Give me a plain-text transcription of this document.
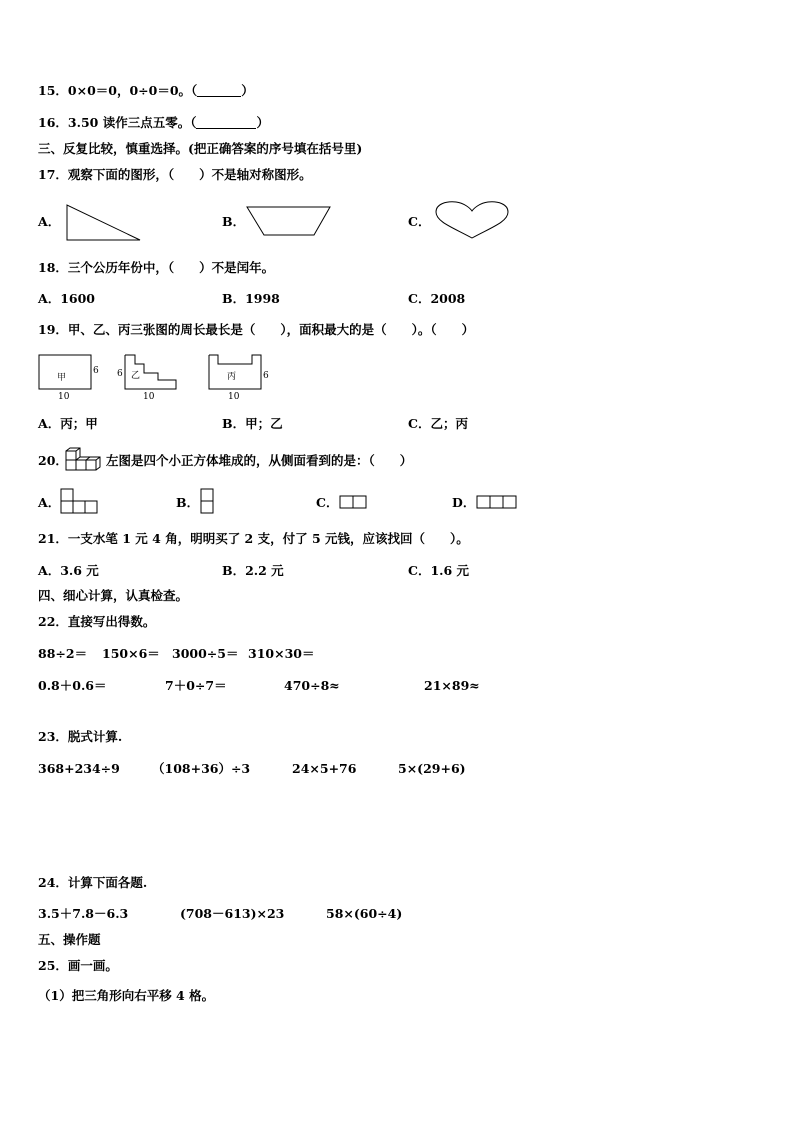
15．0×0＝0，0÷0＝0。（	）
16．3.50 读作三点五零。（	）
三、反复比较，慎重选择。(把正确答案的序号填在括号里)
17．观察下面的图形，（　　）不是轴对称图形。
A．	B．	C．
18．三个公历年份中，（　　）不是闰年。
A．1600	B．1998	C．2008
19．甲、乙、丙三张图的周长最长是（　　），面积最大的是（　　）。（　　）
甲
6
10
乙
6
10
丙	6
10
A．丙；甲	B．甲；乙	C．乙；丙
20．	左图是四个小正方体堆成的，从侧面看到的是：（　　）
A．	B．	C．	D．
21．一支水笔 1 元 4 角，明明买了 2 支，付了 5 元钱，应该找回（　　）。
A．3.6 元	B．2.2 元	C．1.6 元
四、细心计算，认真检查。
22．直接写出得数。
88÷2＝ 150×6＝ 3000÷5＝ 310×30＝
0.8＋0.6＝	7＋0÷7＝	470÷8≈	21×89≈
23．脱式计算.
368+234÷9	（108+36）÷3	24×5+76	5×(29+6)
24．计算下面各题.
3.5＋7.8－6.3	(708－613)×23	58×(60÷4)
五、操作题
25．画一画。
（1）把三角形向右平移 4 格。
